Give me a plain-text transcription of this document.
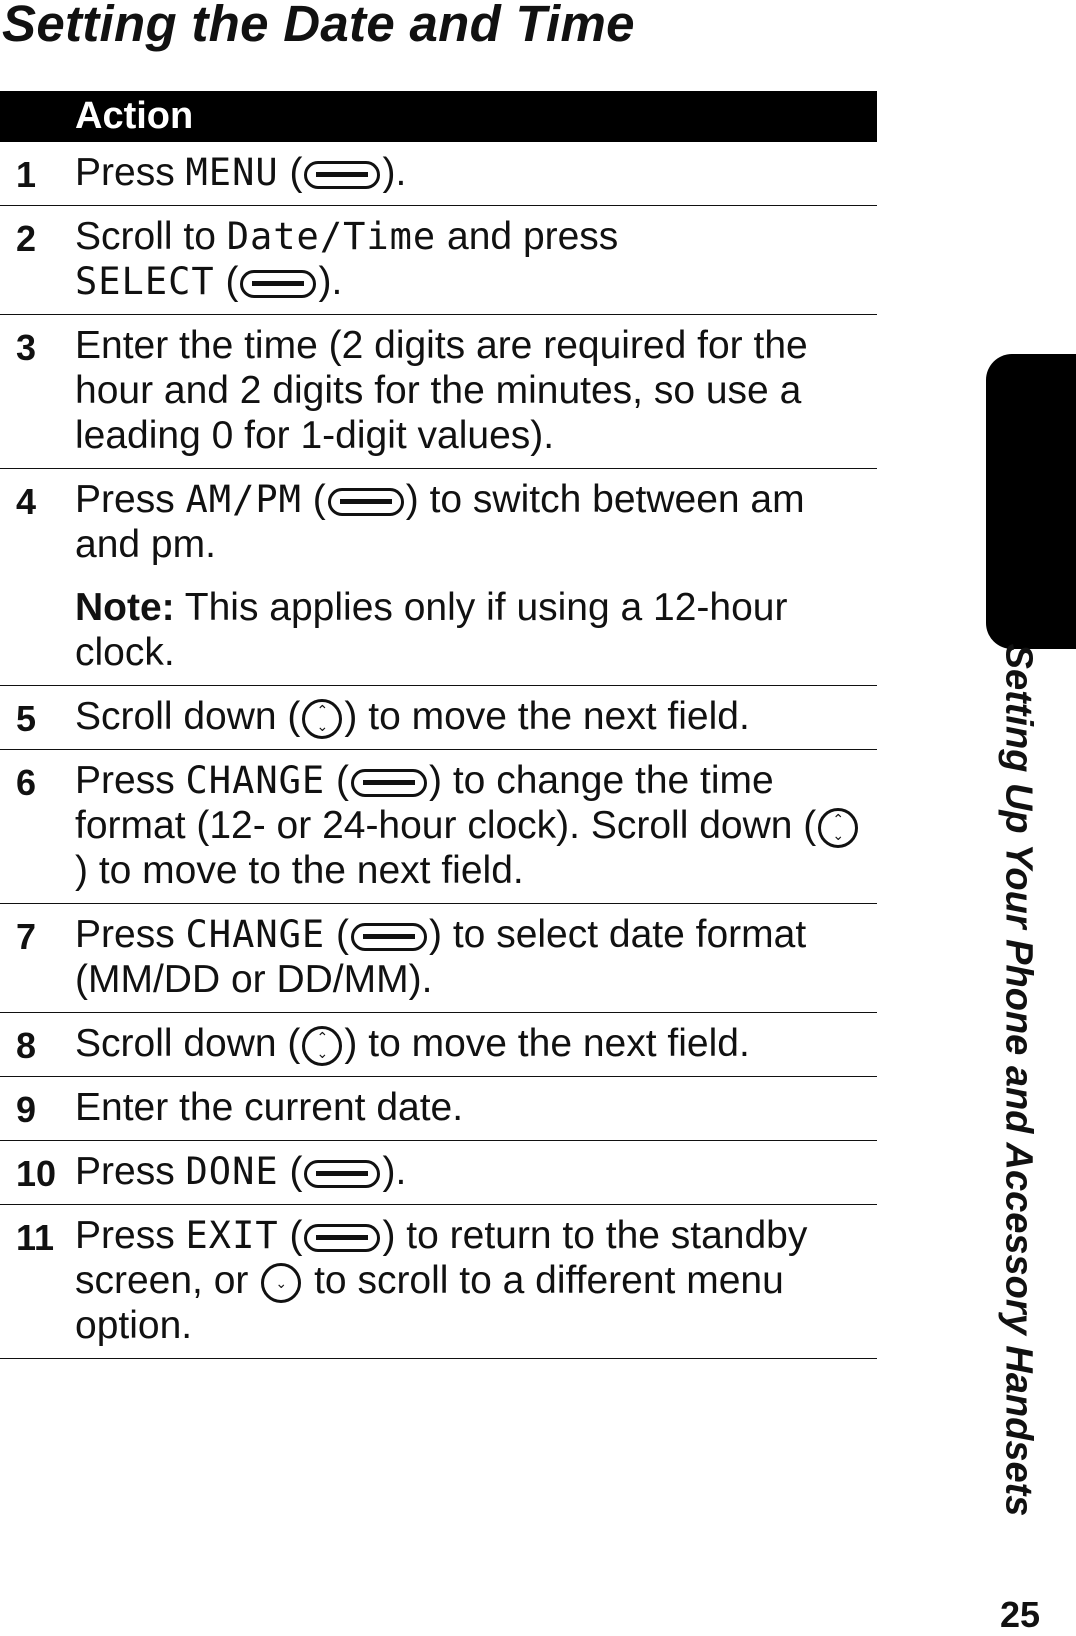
Setting the Date and Time
Action
1 Press MENU ( ).
2 Scroll to Date/Time and press
SELECT ( ).
3 Enter the time (2 digits are required for the hour and 2 digits for the minutes, so use a leading 0 for 1-digit values).
4 Press AM/PM ( ) to switch between am and pm.
Note: This applies only if using a 12-hour clock.
5 Scroll down ( ⌃ ⌄ ) to move the next field.
6 Press CHANGE ( ) to change the time format (12- or 24-hour clock). Scroll down (⌃ ⌄) to move to the next field.
7 Press CHANGE ( ) to select date format (MM/DD or DD/MM).
8 Scroll down ( ⌃ ⌄ ) to move the next field.
9 Enter the current date.
10 Press DONE ( ).
11 Press EXIT ( ) to return to the standby screen, or ⌄ to scroll to a different menu option.	Setting Up Your Phone and Accessory Handsets
25
